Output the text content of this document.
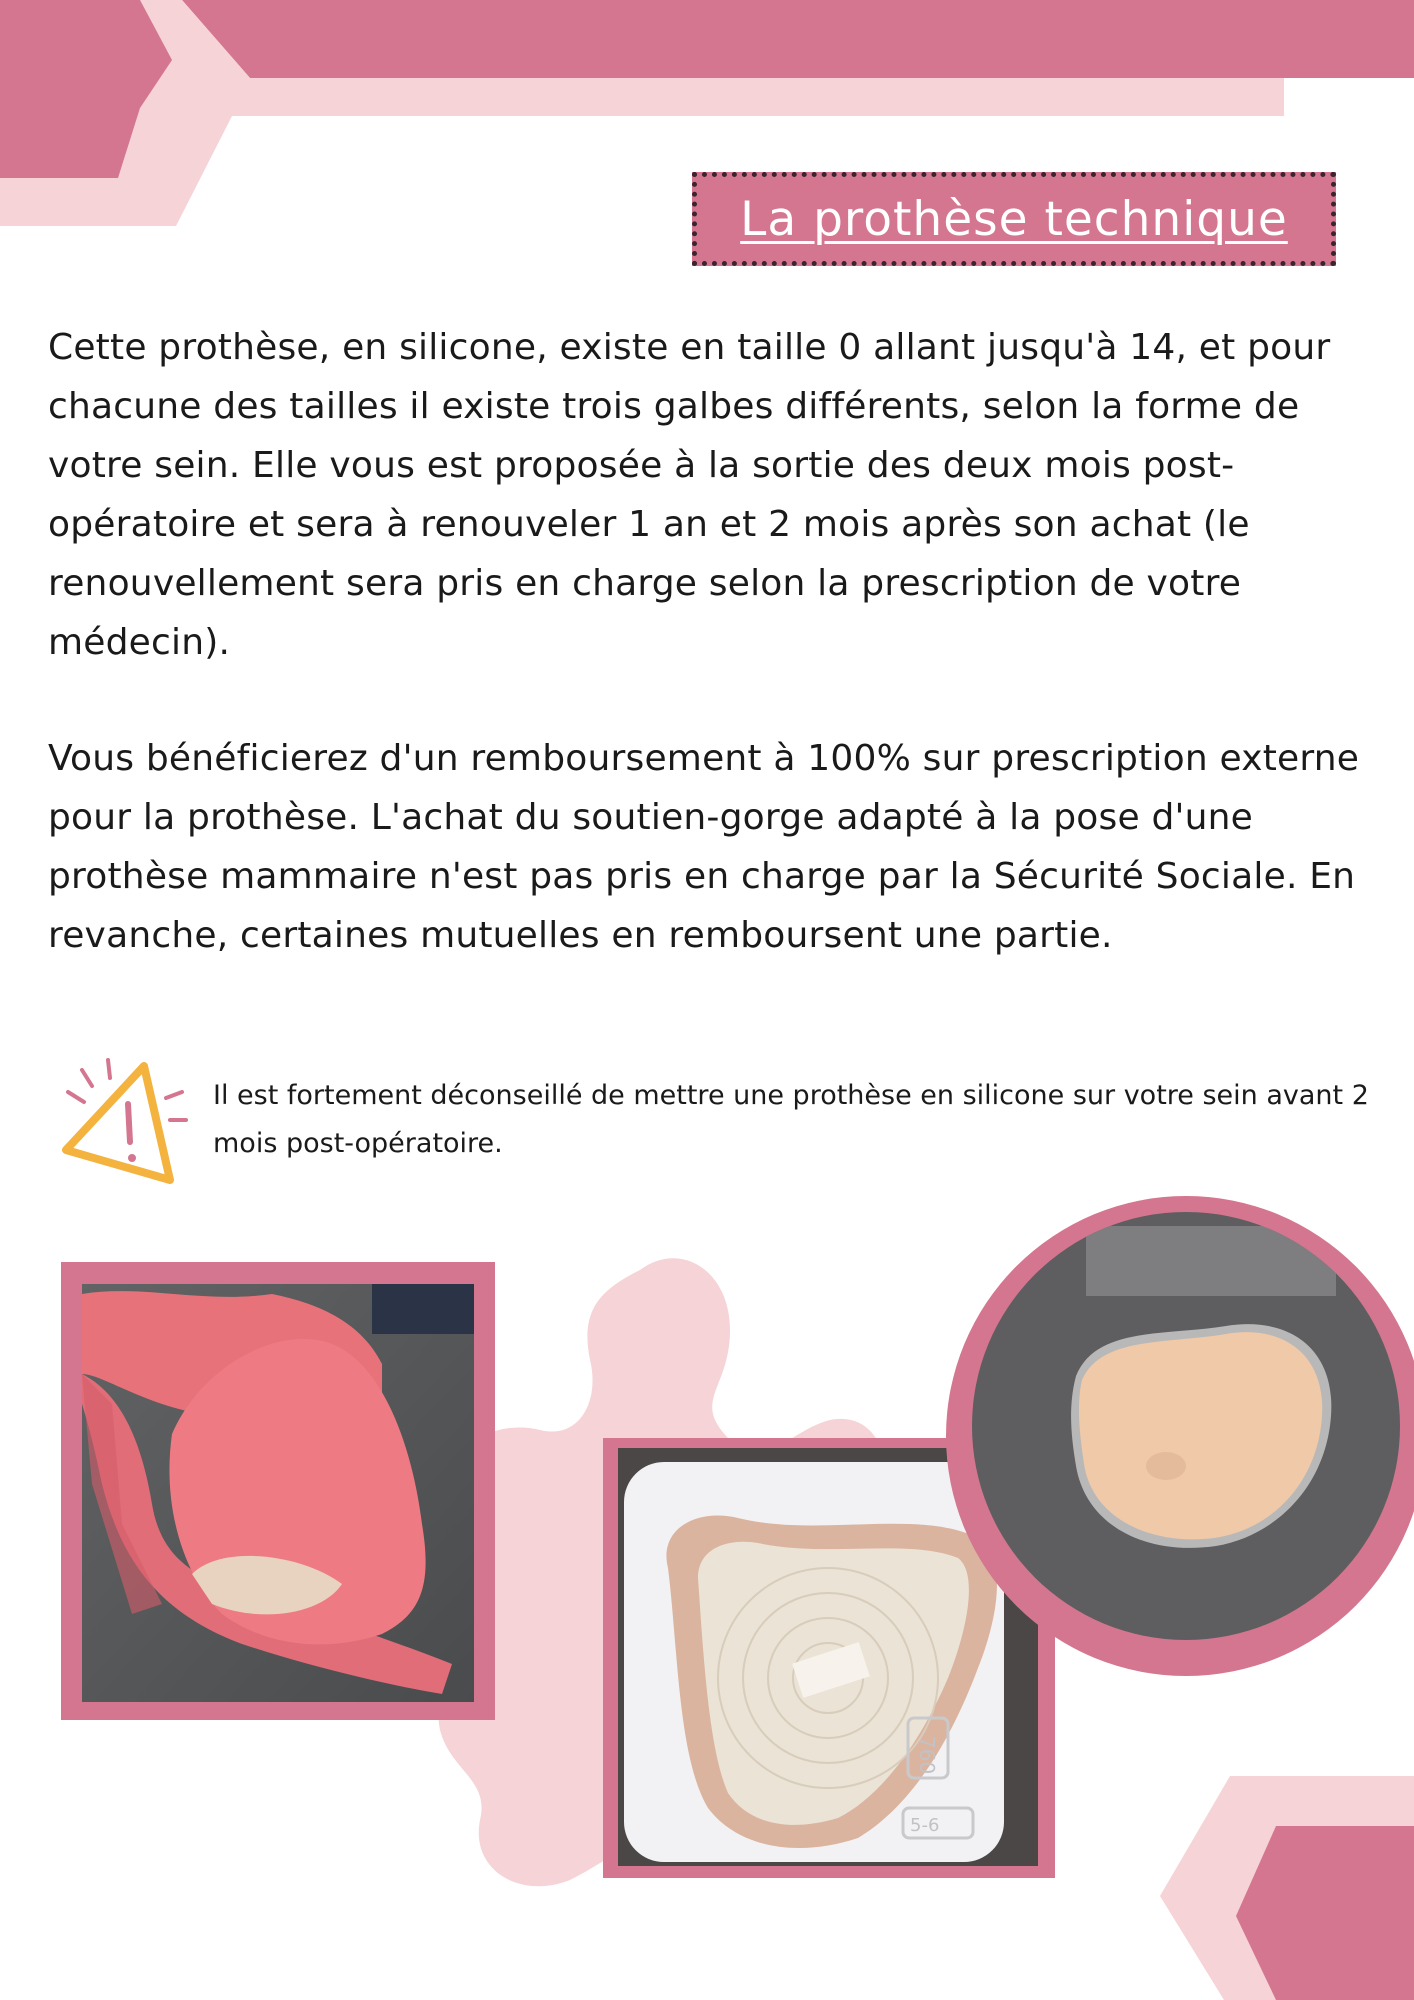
La prothèse technique

Cette prothèse, en silicone, existe en taille 0 allant jusqu'à 14, et pour chacune des tailles il existe trois galbes différents, selon la forme de votre sein. Elle vous est proposée à la sortie des deux mois post-opératoire et sera à renouveler 1 an et 2 mois après son achat (le renouvellement sera pris en charge selon la prescription de votre médecin).

Vous bénéficierez d'un remboursement à 100% sur prescription externe pour la prothèse. L'achat du soutien-gorge adapté à la pose d'une prothèse mammaire n'est pas pris en charge par la Sécurité Sociale. En revanche, certaines mutuelles en remboursent une partie.

Il est fortement déconseillé de mettre une prothèse en silicone sur votre sein avant 2 mois post-opératoire.

760
5-6
